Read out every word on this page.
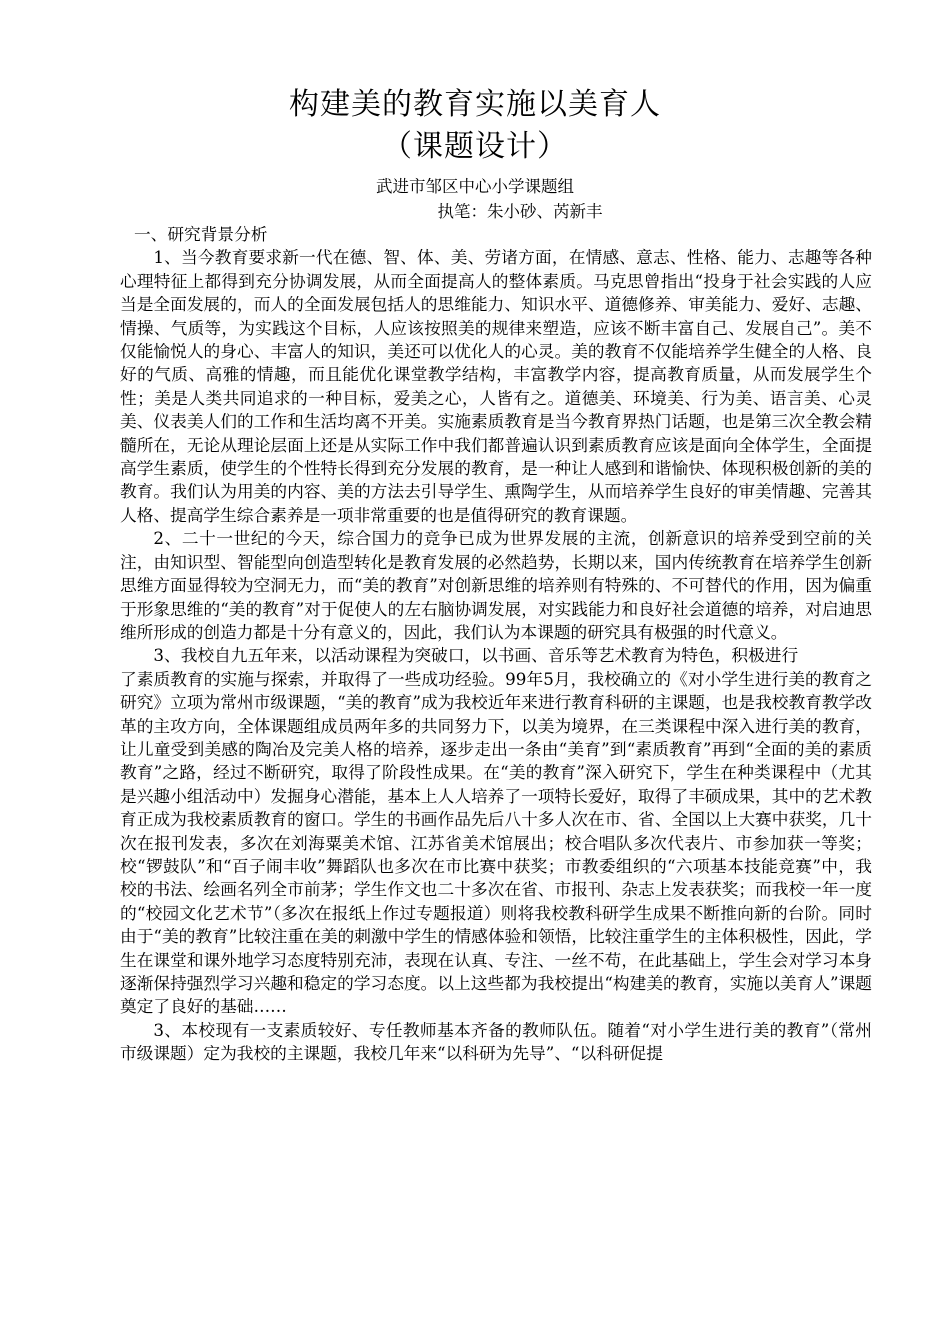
构建美的教育实施以美育人
（课题设计）
武进市邹区中心小学课题组
执笔：朱小砂、芮新丰

一、研究背景分析

1、当今教育要求新一代在德、智、体、美、劳诸方面，在情感、意志、性格、能力、志趣等各种心理特征上都得到充分协调发展，从而全面提高人的整体素质。马克思曾指出“投身于社会实践的人应当是全面发展的，而人的全面发展包括人的思维能力、知识水平、道德修养、审美能力、爱好、志趣、情操、气质等，为实践这个目标，人应该按照美的规律来塑造，应该不断丰富自己、发展自己”。美不仅能愉悦人的身心、丰富人的知识，美还可以优化人的心灵。美的教育不仅能培养学生健全的人格、良好的气质、高雅的情趣，而且能优化课堂教学结构，丰富教学内容，提高教育质量，从而发展学生个性；美是人类共同追求的一种目标，爱美之心，人皆有之。道德美、环境美、行为美、语言美、心灵美、仪表美人们的工作和生活均离不开美。实施素质教育是当今教育界热门话题，也是第三次全教会精髓所在，无论从理论层面上还是从实际工作中我们都普遍认识到素质教育应该是面向全体学生，全面提高学生素质，使学生的个性特长得到充分发展的教育，是一种让人感到和谐愉快、体现积极创新的美的教育。我们认为用美的内容、美的方法去引导学生、熏陶学生，从而培养学生良好的审美情趣、完善其人格、提高学生综合素养是一项非常重要的也是值得研究的教育课题。

2、二十一世纪的今天，综合国力的竞争已成为世界发展的主流，创新意识的培养受到空前的关注，由知识型、智能型向创造型转化是教育发展的必然趋势，长期以来，国内传统教育在培养学生创新思维方面显得较为空洞无力，而“美的教育”对创新思维的培养则有特殊的、不可替代的作用，因为偏重于形象思维的“美的教育”对于促使人的左右脑协调发展，对实践能力和良好社会道德的培养，对启迪思维所形成的创造力都是十分有意义的，因此，我们认为本课题的研究具有极强的时代意义。

3、我校自九五年来，以活动课程为突破口，以书画、音乐等艺术教育为特色，积极进行

了素质教育的实施与探索，并取得了一些成功经验。99年5月，我校确立的《对小学生进行美的教育之研究》立项为常州市级课题，“美的教育”成为我校近年来进行教育科研的主课题，也是我校教育教学改革的主攻方向，全体课题组成员两年多的共同努力下，以美为境界，在三类课程中深入进行美的教育，让儿童受到美感的陶冶及完美人格的培养，逐步走出一条由“美育”到“素质教育”再到“全面的美的素质教育”之路，经过不断研究，取得了阶段性成果。在“美的教育”深入研究下，学生在种类课程中（尤其是兴趣小组活动中）发掘身心潜能，基本上人人培养了一项特长爱好，取得了丰硕成果，其中的艺术教育正成为我校素质教育的窗口。学生的书画作品先后八十多人次在市、省、全国以上大赛中获奖，几十次在报刊发表，多次在刘海粟美术馆、江苏省美术馆展出；校合唱队多次代表片、市参加获一等奖；校“锣鼓队”和“百子闹丰收”舞蹈队也多次在市比赛中获奖；市教委组织的“六项基本技能竞赛”中，我校的书法、绘画名列全市前茅；学生作文也二十多次在省、市报刊、杂志上发表获奖；而我校一年一度的“校园文化艺术节”（多次在报纸上作过专题报道）则将我校教科研学生成果不断推向新的台阶。同时由于“美的教育”比较注重在美的刺激中学生的情感体验和领悟，比较注重学生的主体积极性，因此，学生在课堂和课外地学习态度特别充沛，表现在认真、专注、一丝不苟，在此基础上，学生会对学习本身逐渐保持强烈学习兴趣和稳定的学习态度。以上这些都为我校提出“构建美的教育，实施以美育人”课题奠定了良好的基础……

3、本校现有一支素质较好、专任教师基本齐备的教师队伍。随着“对小学生进行美的教育”（常州市级课题）定为我校的主课题，我校几年来“以科研为先导”、“以科研促提
